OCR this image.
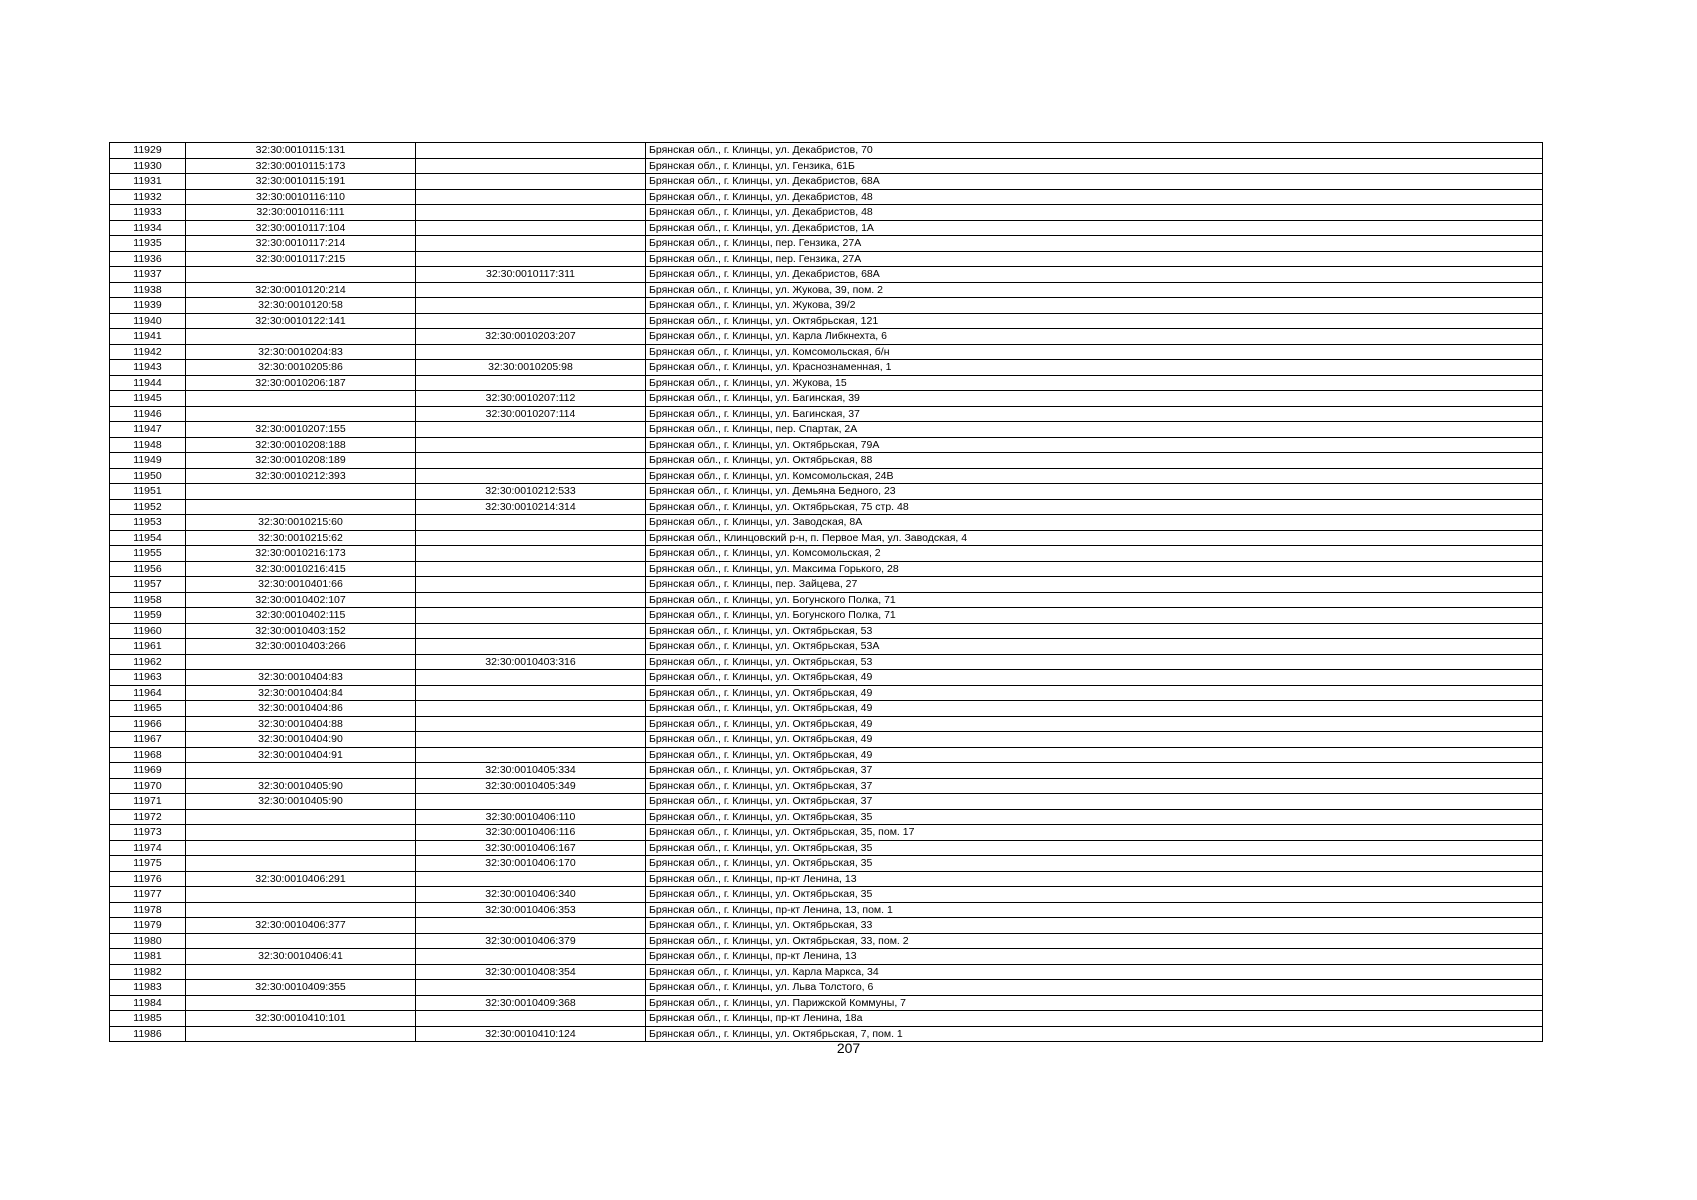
11929	32:30:0010115:131		Брянская обл., г. Клинцы, ул. Декабристов, 70
11930	32:30:0010115:173		Брянская обл., г. Клинцы, ул. Гензика, 61Б
11931	32:30:0010115:191		Брянская обл., г. Клинцы, ул. Декабристов, 68А
11932	32:30:0010116:110		Брянская обл., г. Клинцы, ул. Декабристов, 48
11933	32:30:0010116:111		Брянская обл., г. Клинцы, ул. Декабристов, 48
11934	32:30:0010117:104		Брянская обл., г. Клинцы, ул. Декабристов, 1А
11935	32:30:0010117:214		Брянская обл., г. Клинцы, пер. Гензика, 27А
11936	32:30:0010117:215		Брянская обл., г. Клинцы, пер. Гензика, 27А
11937		32:30:0010117:311	Брянская обл., г. Клинцы, ул. Декабристов, 68А
11938	32:30:0010120:214		Брянская обл., г. Клинцы, ул. Жукова, 39, пом. 2
11939	32:30:0010120:58		Брянская обл., г. Клинцы, ул. Жукова, 39/2
11940	32:30:0010122:141		Брянская обл., г. Клинцы, ул. Октябрьская, 121
11941		32:30:0010203:207	Брянская обл., г. Клинцы, ул. Карла Либкнехта, 6
11942	32:30:0010204:83		Брянская обл., г. Клинцы, ул. Комсомольская, б/н
11943	32:30:0010205:86	32:30:0010205:98	Брянская обл., г. Клинцы, ул. Краснознаменная, 1
11944	32:30:0010206:187		Брянская обл., г. Клинцы, ул. Жукова, 15
11945		32:30:0010207:112	Брянская обл., г. Клинцы, ул. Багинская, 39
11946		32:30:0010207:114	Брянская обл., г. Клинцы, ул. Багинская, 37
11947	32:30:0010207:155		Брянская обл., г. Клинцы, пер. Спартак, 2А
11948	32:30:0010208:188		Брянская обл., г. Клинцы, ул. Октябрьская, 79А
11949	32:30:0010208:189		Брянская обл., г. Клинцы, ул. Октябрьская, 88
11950	32:30:0010212:393		Брянская обл., г. Клинцы, ул. Комсомольская, 24В
11951		32:30:0010212:533	Брянская обл., г. Клинцы, ул. Демьяна Бедного, 23
11952		32:30:0010214:314	Брянская обл., г. Клинцы, ул. Октябрьская, 75 стр. 48
11953	32:30:0010215:60		Брянская обл., г. Клинцы, ул. Заводская, 8А
11954	32:30:0010215:62		Брянская обл., Клинцовский р-н, п. Первое Мая, ул. Заводская, 4
11955	32:30:0010216:173		Брянская обл., г. Клинцы, ул. Комсомольская, 2
11956	32:30:0010216:415		Брянская обл., г. Клинцы, ул. Максима Горького, 28
11957	32:30:0010401:66		Брянская обл., г. Клинцы, пер. Зайцева, 27
11958	32:30:0010402:107		Брянская обл., г. Клинцы, ул. Богунского Полка, 71
11959	32:30:0010402:115		Брянская обл., г. Клинцы, ул. Богунского Полка, 71
11960	32:30:0010403:152		Брянская обл., г. Клинцы, ул. Октябрьская, 53
11961	32:30:0010403:266		Брянская обл., г. Клинцы, ул. Октябрьская, 53А
11962		32:30:0010403:316	Брянская обл., г. Клинцы, ул. Октябрьская, 53
11963	32:30:0010404:83		Брянская обл., г. Клинцы, ул. Октябрьская, 49
11964	32:30:0010404:84		Брянская обл., г. Клинцы, ул. Октябрьская, 49
11965	32:30:0010404:86		Брянская обл., г. Клинцы, ул. Октябрьская, 49
11966	32:30:0010404:88		Брянская обл., г. Клинцы, ул. Октябрьская, 49
11967	32:30:0010404:90		Брянская обл., г. Клинцы, ул. Октябрьская, 49
11968	32:30:0010404:91		Брянская обл., г. Клинцы, ул. Октябрьская, 49
11969		32:30:0010405:334	Брянская обл., г. Клинцы, ул. Октябрьская, 37
11970	32:30:0010405:90	32:30:0010405:349	Брянская обл., г. Клинцы, ул. Октябрьская, 37
11971	32:30:0010405:90		Брянская обл., г. Клинцы, ул. Октябрьская, 37
11972		32:30:0010406:110	Брянская обл., г. Клинцы, ул. Октябрьская, 35
11973		32:30:0010406:116	Брянская обл., г. Клинцы, ул. Октябрьская, 35, пом. 17
11974		32:30:0010406:167	Брянская обл., г. Клинцы, ул. Октябрьская, 35
11975		32:30:0010406:170	Брянская обл., г. Клинцы, ул. Октябрьская, 35
11976	32:30:0010406:291		Брянская обл., г. Клинцы, пр-кт Ленина, 13
11977		32:30:0010406:340	Брянская обл., г. Клинцы, ул. Октябрьская, 35
11978		32:30:0010406:353	Брянская обл., г. Клинцы, пр-кт Ленина, 13, пом. 1
11979	32:30:0010406:377		Брянская обл., г. Клинцы, ул. Октябрьская, 33
11980		32:30:0010406:379	Брянская обл., г. Клинцы, ул. Октябрьская, 33, пом. 2
11981	32:30:0010406:41		Брянская обл., г. Клинцы, пр-кт Ленина, 13
11982		32:30:0010408:354	Брянская обл., г. Клинцы, ул. Карла Маркса, 34
11983	32:30:0010409:355		Брянская обл., г. Клинцы, ул. Льва Толстого, 6
11984		32:30:0010409:368	Брянская обл., г. Клинцы, ул. Парижской Коммуны, 7
11985	32:30:0010410:101		Брянская обл., г. Клинцы, пр-кт Ленина, 18а
11986		32:30:0010410:124	Брянская обл., г. Клинцы, ул. Октябрьская, 7, пом. 1
207
